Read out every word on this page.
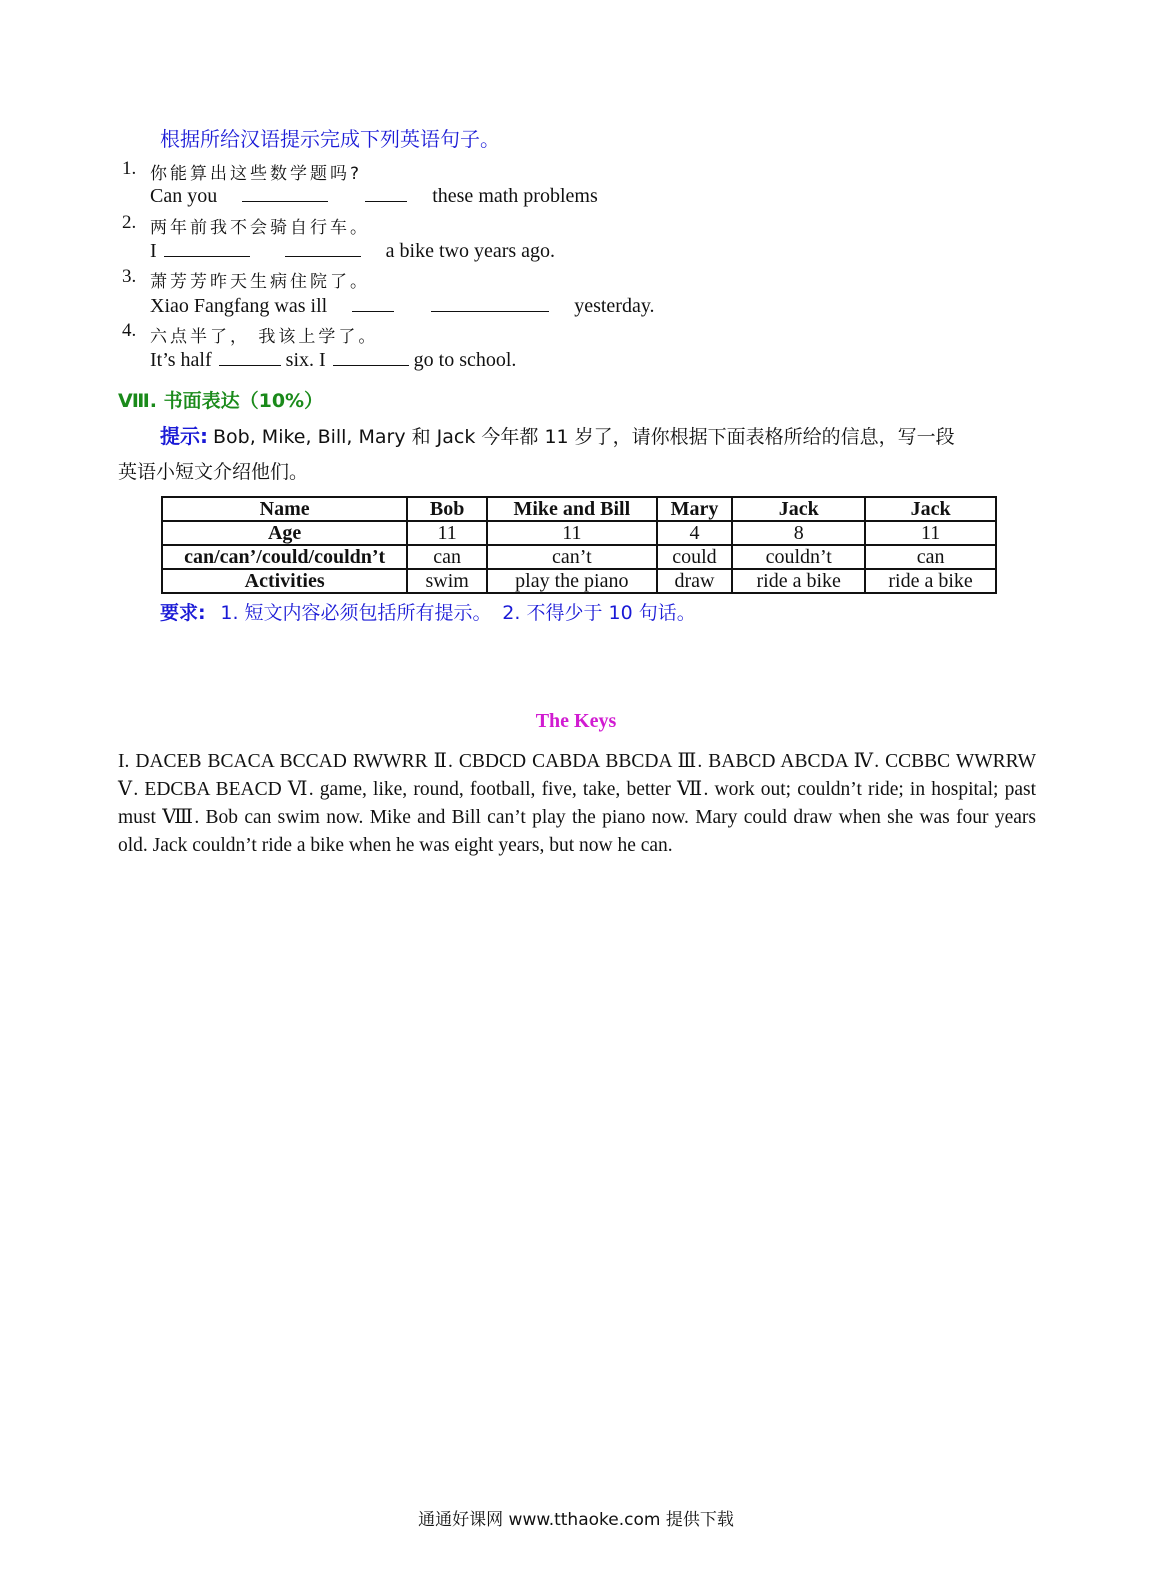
根据所给汉语提示完成下列英语句子。
1. 你能算出这些数学题吗?
Can you	these math problems
2. 两年前我不会骑自行车。
I	a bike two years ago.
3. 萧芳芳昨天生病住院了。
Xiao Fangfang was ill	yesterday.
4. 六点半了， 我该上学了。
It’s half	six. I	go to school.
Ⅷ. 书面表达（10%）
提示: Bob, Mike, Bill, Mary 和 Jack 今年都 11 岁了，请你根据下面表格所给的信息，写一段
英语小短文介绍他们。
Name	Bob	Mike and Bill	Mary	Jack	Jack
Age	11	11	4	8	11
can/can’/could/couldn’t	can	can’t	could	couldn’t	can
Activities	swim	play the piano	draw	ride a bike	ride a bike
要求: 1. 短文内容必须包括所有提示。 2. 不得少于 10 句话。
The Keys
I. DACEB BCACA BCCAD RWWRR Ⅱ. CBDCD CABDA BBCDA Ⅲ. BABCD ABCDA Ⅳ. CCBBC WWRRW Ⅴ. EDCBA BEACD Ⅵ. game, like, round, football, five, take, better Ⅶ. work out; couldn’t ride; in hospital; past must Ⅷ. Bob can swim now. Mike and Bill can’t play the piano now. Mary could draw when she was four years old. Jack couldn’t ride a bike when he was eight years, but now he can.
通通好课网 www.tthaoke.com 提供下载
